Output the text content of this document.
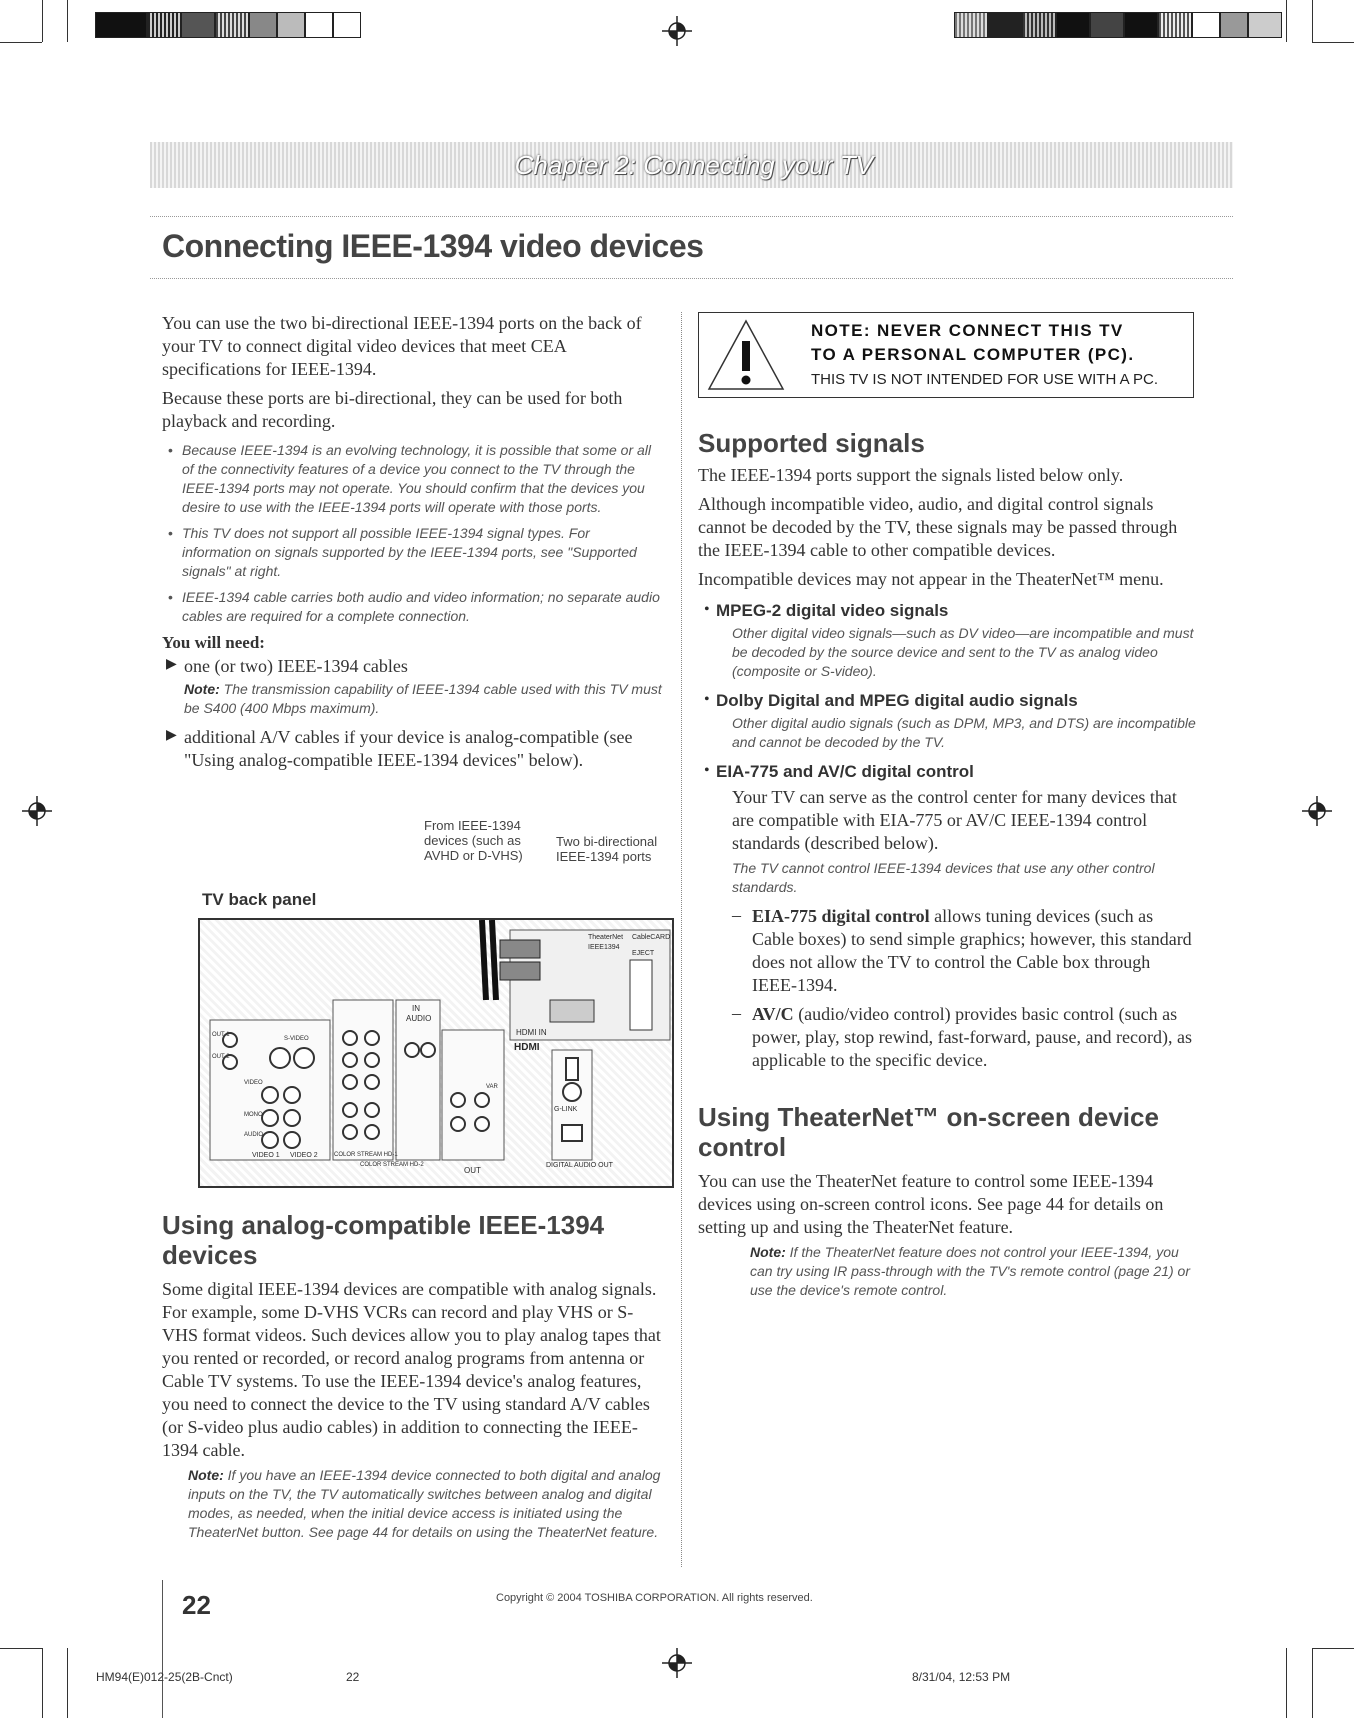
Chapter 2: Connecting your TV
Connecting IEEE-1394 video devices

You can use the two bi-directional IEEE-1394 ports on the back of your TV to connect digital video devices that meet CEA specifications for IEEE-1394.

Because these ports are bi-directional, they can be used for both playback and recording.

• Because IEEE-1394 is an evolving technology, it is possible that some or all of the connectivity features of a device you connect to the TV through the IEEE-1394 ports may not operate. You should confirm that the devices you desire to use with the IEEE-1394 ports will operate with those ports.
• This TV does not support all possible IEEE-1394 signal types. For information on signals supported by the IEEE-1394 ports, see "Supported signals" at right.
• IEEE-1394 cable carries both audio and video information; no separate audio cables are required for a complete connection.
You will need:
▶ one (or two) IEEE-1394 cables

Note: The transmission capability of IEEE-1394 cable used with this TV must be S400 (400 Mbps maximum).
▶ additional A/V cables if your device is analog-compatible (see "Using analog-compatible IEEE-1394 devices" below).

From IEEE-1394 devices (such as AVHD or D-VHS)
Two bi-directional IEEE-1394 ports
TV back panel
TheaterNet
IEEE1394
CableCARD
EJECT
IN
AUDIO
HDMI IN
HDMI
G-LINK
DIGITAL AUDIO OUT
OUT
COLOR STREAM HD-1
COLOR STREAM HD-2
VIDEO 1 VIDEO 2
S-VIDEO
VIDEO
MONO
AUDIO
VAR
OUT 1
OUT 2
Using analog-compatible IEEE-1394 devices

Some digital IEEE-1394 devices are compatible with analog signals. For example, some D-VHS VCRs can record and play VHS or S-VHS format videos. Such devices allow you to play analog tapes that you rented or recorded, or record analog programs from antenna or Cable TV systems. To use the IEEE-1394 device's analog features, you need to connect the device to the TV using standard A/V cables (or S-video plus audio cables) in addition to connecting the IEEE-1394 cable.

Note: If you have an IEEE-1394 device connected to both digital and analog inputs on the TV, the TV automatically switches between analog and digital modes, as needed, when the initial device access is initiated using the TheaterNet button. See page 44 for details on using the TheaterNet feature.
NOTE: NEVER CONNECT THIS TV
TO A PERSONAL COMPUTER (PC).
THIS TV IS NOT INTENDED FOR USE WITH A PC.
Supported signals

The IEEE-1394 ports support the signals listed below only.

Although incompatible video, audio, and digital control signals cannot be decoded by the TV, these signals may be passed through the IEEE-1394 cable to other compatible devices.

Incompatible devices may not appear in the TheaterNet™ menu.

• MPEG-2 digital video signals
Other digital video signals—such as DV video—are incompatible and must be decoded by the source device and sent to the TV as analog video (composite or S-video).
• Dolby Digital and MPEG digital audio signals
Other digital audio signals (such as DPM, MP3, and DTS) are incompatible and cannot be decoded by the TV.
• EIA-775 and AV/C digital control

Your TV can serve as the control center for many devices that are compatible with EIA-775 or AV/C IEEE-1394 control standards (described below).

The TV cannot control IEEE-1394 devices that use any other control standards.
– EIA-775 digital control allows tuning devices (such as Cable boxes) to send simple graphics; however, this standard does not allow the TV to control the Cable box through IEEE-1394.

– AV/C (audio/video control) provides basic control (such as power, play, stop rewind, fast-forward, pause, and record), as applicable to the specific device.

Using TheaterNet™ on-screen device control

You can use the TheaterNet feature to control some IEEE-1394 devices using on-screen control icons. See page 44 for details on setting up and using the TheaterNet feature.

Note: If the TheaterNet feature does not control your IEEE-1394, you can try using IR pass-through with the TV's remote control (page 21) or use the device's remote control.
22	Copyright © 2004 TOSHIBA CORPORATION. All rights reserved.
HM94(E)012-25(2B-Cnct)	22	8/31/04, 12:53 PM
